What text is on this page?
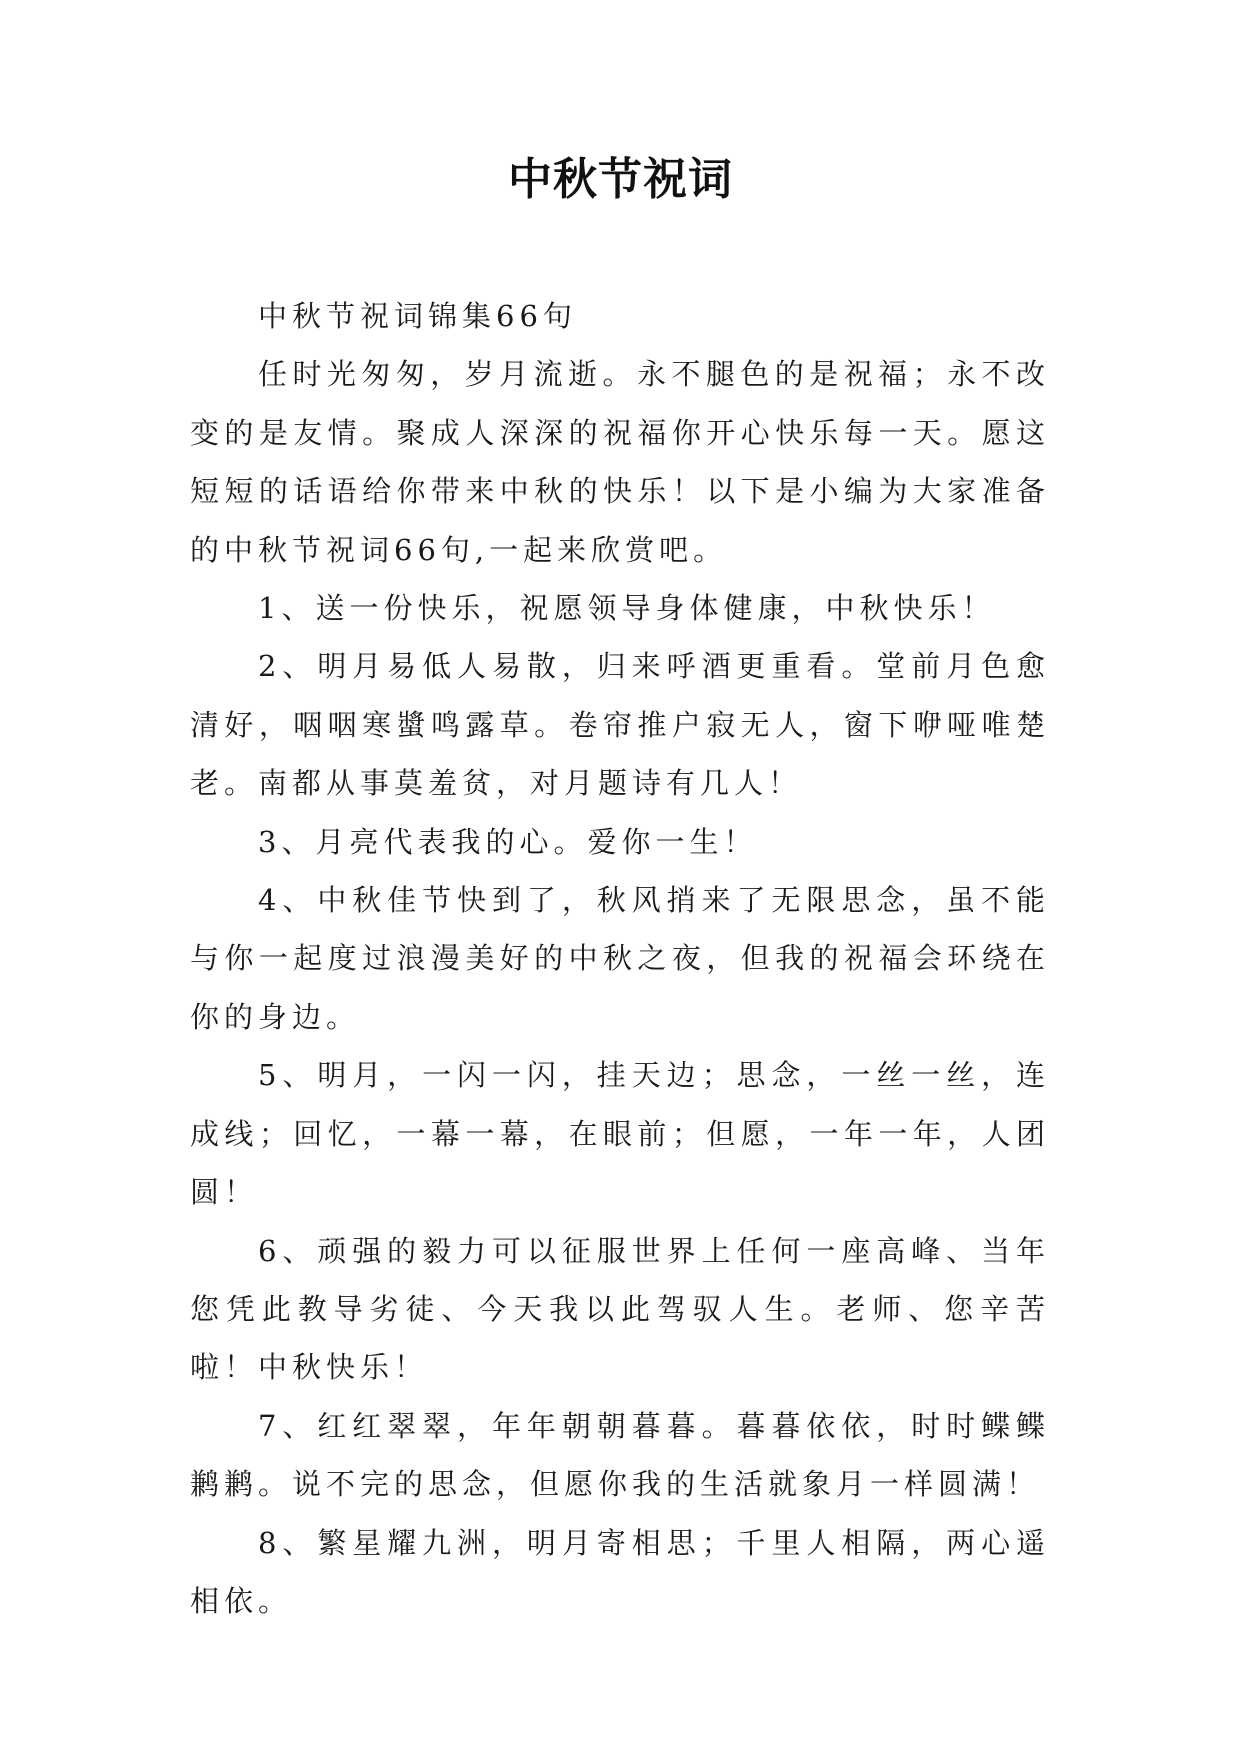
中秋节祝词

中秋节祝词锦集66句

任时光匆匆，岁月流逝。永不腿色的是祝福；永不改变的是友情。聚成人深深的祝福你开心快乐每一天。愿这短短的话语给你带来中秋的快乐！以下是小编为大家准备的中秋节祝词66句,一起来欣赏吧。

1、送一份快乐，祝愿领导身体健康，中秋快乐！

2、明月易低人易散，归来呼酒更重看。堂前月色愈清好，咽咽寒螿鸣露草。卷帘推户寂无人，窗下咿哑唯楚老。南都从事莫羞贫，对月题诗有几人！

3、月亮代表我的心。爱你一生！

4、中秋佳节快到了，秋风捎来了无限思念，虽不能与你一起度过浪漫美好的中秋之夜，但我的祝福会环绕在你的身边。

5、明月，一闪一闪，挂天边；思念，一丝一丝，连成线；回忆，一幕一幕，在眼前；但愿，一年一年，人团圆！

6、顽强的毅力可以征服世界上任何一座高峰、当年您凭此教导劣徒、今天我以此驾驭人生。老师、您辛苦啦！中秋快乐！

7、红红翠翠，年年朝朝暮暮。暮暮依依，时时鲽鲽鹣鹣。说不完的思念，但愿你我的生活就象月一样圆满！

8、繁星耀九洲，明月寄相思；千里人相隔，两心遥相依。
